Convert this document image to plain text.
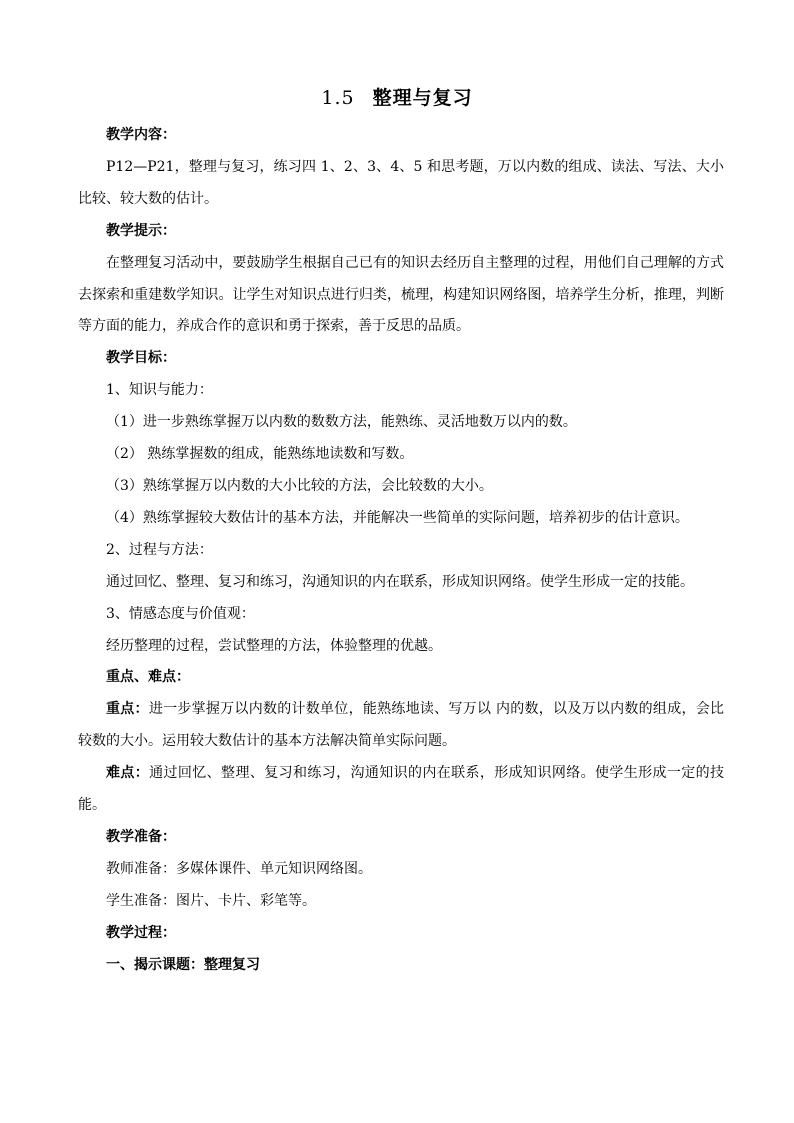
1.5 整理与复习

教学内容：

P12—P21，整理与复习，练习四 1、2、3、4、5 和思考题，万以内数的组成、读法、写法、大小比较、较大数的估计。

教学提示：

在整理复习活动中，要鼓励学生根据自己已有的知识去经历自主整理的过程，用他们自己理解的方式去探索和重建数学知识。让学生对知识点进行归类，梳理，构建知识网络图，培养学生分析，推理，判断等方面的能力，养成合作的意识和勇于探索，善于反思的品质。

教学目标：

1、知识与能力：

（1）进一步熟练掌握万以内数的数数方法，能熟练、灵活地数万以内的数。

（2） 熟练掌握数的组成，能熟练地读数和写数。

（3）熟练掌握万以内数的大小比较的方法，会比较数的大小。

（4）熟练掌握较大数估计的基本方法，并能解决一些简单的实际问题，培养初步的估计意识。

2、过程与方法：

通过回忆、整理、复习和练习，沟通知识的内在联系，形成知识网络。使学生形成一定的技能。

3、情感态度与价值观：

经历整理的过程，尝试整理的方法，体验整理的优越。

重点、难点：

重点：进一步掌握万以内数的计数单位，能熟练地读、写万以 内的数，以及万以内数的组成，会比较数的大小。运用较大数估计的基本方法解决简单实际问题。

难点：通过回忆、整理、复习和练习，沟通知识的内在联系，形成知识网络。使学生形成一定的技能。

教学准备：

教师准备：多媒体课件、单元知识网络图。

学生准备：图片、卡片、彩笔等。

教学过程：

一、揭示课题：整理复习
